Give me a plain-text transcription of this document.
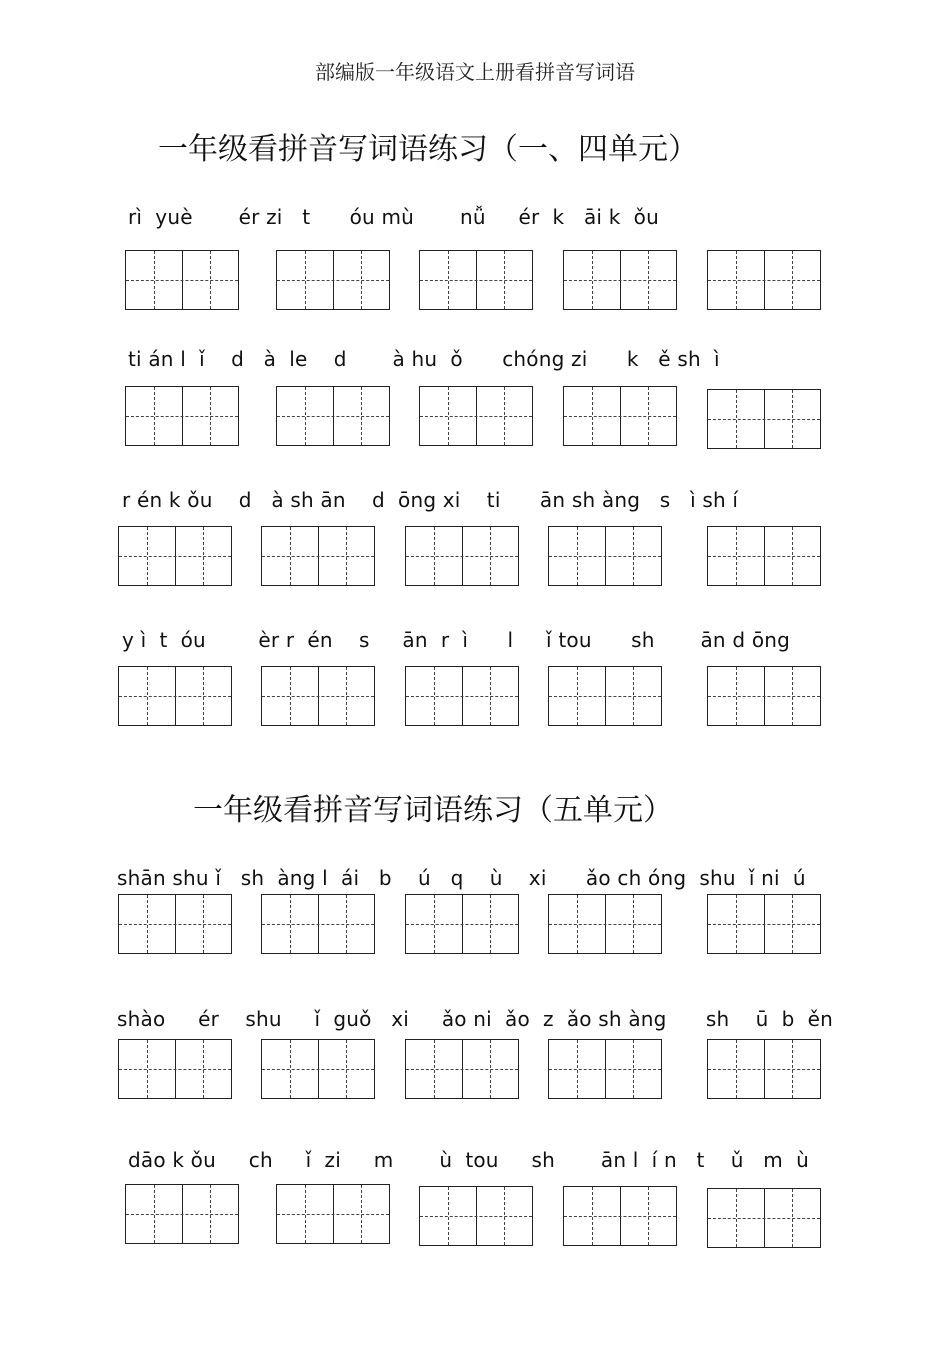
部编版一年级语文上册看拼音写词语
一年级看拼音写词语练习（一、四单元）
rì  yuè       ér zi   t      óu mù       nǚ     ér  k   āi k  ǒu
ti án l  ǐ    d   à  le    d       à hu  ǒ      chóng zi      k   ě sh  ì
r én k ǒu    d   à sh ān    d  ōng xi    ti      ān sh àng   s   ì sh í
y ì  t  óu        èr r  én    s     ān  r  ì      l     ǐ tou      sh       ān d ōng
一年级看拼音写词语练习（五单元）
shān shu ǐ   sh  àng l  ái   b    ú   q    ù    xi      ǎo ch óng  shu  ǐ ni  ú
shào     ér    shu     ǐ  guǒ   xi     ǎo ni  ǎo  z  ǎo sh àng      sh    ū  b  ěn
dāo k ǒu     ch     ǐ  zi     m       ù  tou     sh       ān l  í n   t    ǔ   m  ù
